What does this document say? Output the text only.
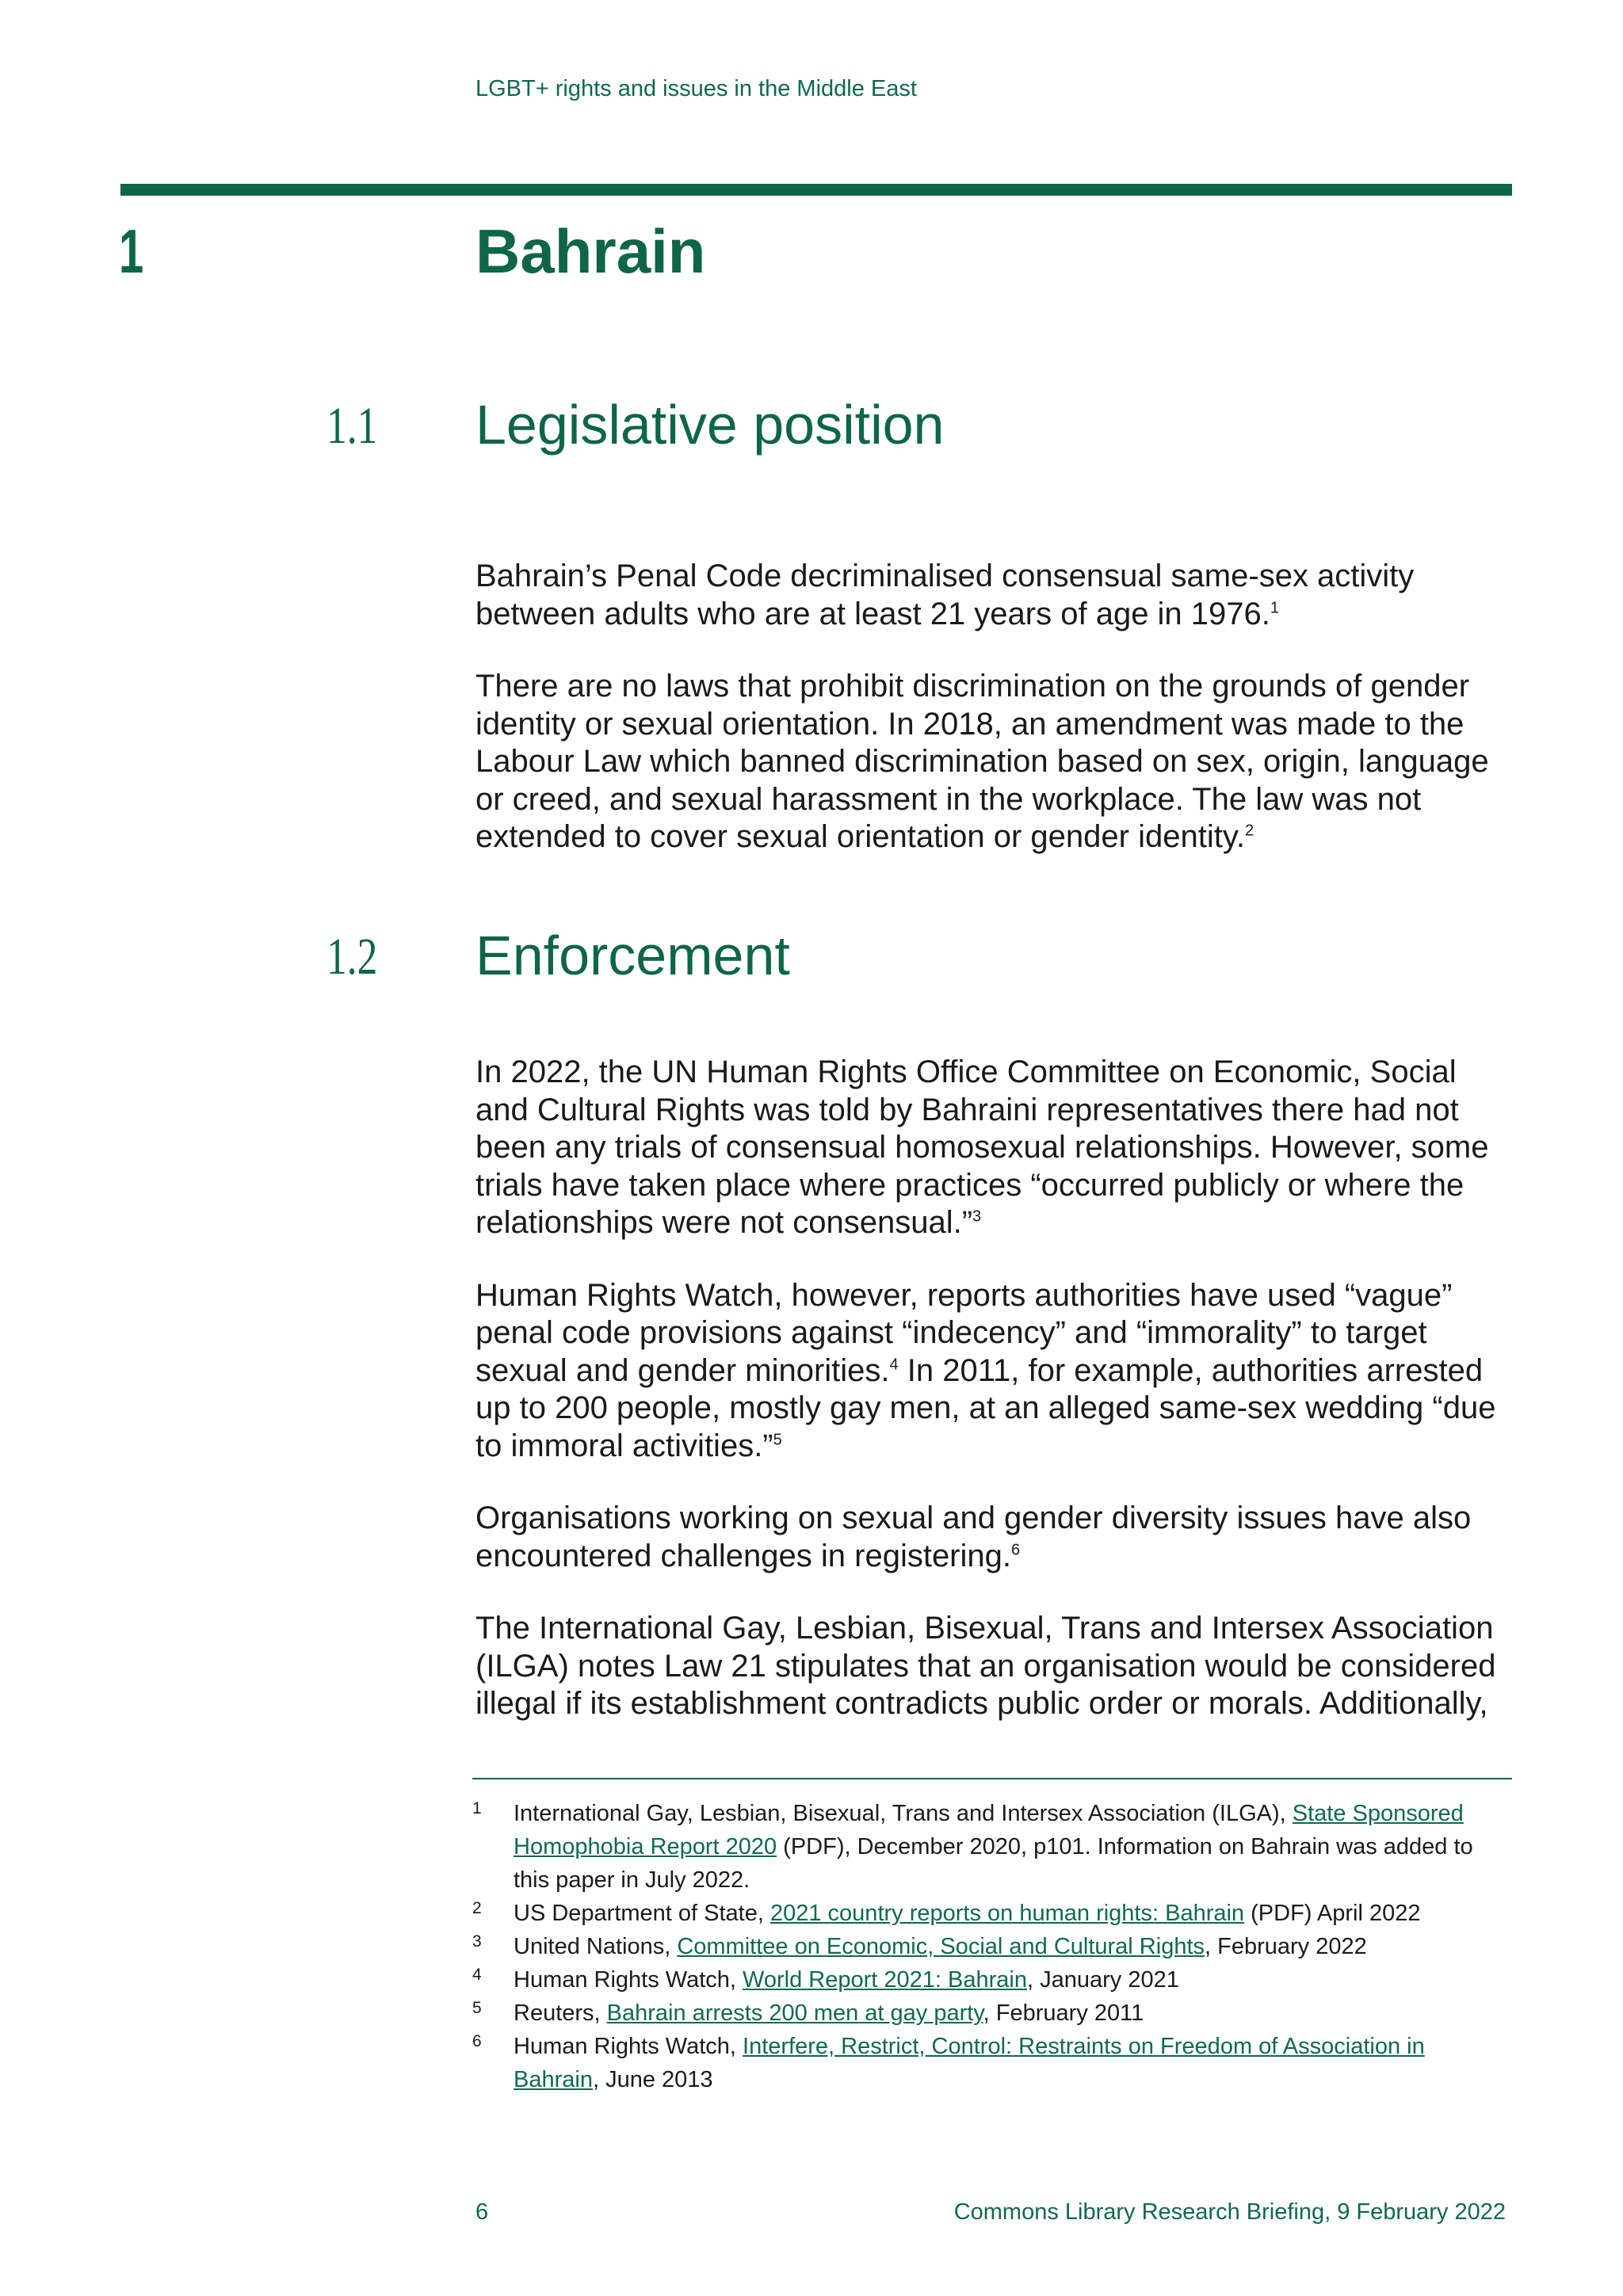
LGBT+ rights and issues in the Middle East
1	Bahrain
1.1 Legislative position

Bahrain’s Penal Code decriminalised consensual same-sex activity between adults who are at least 21 years of age in 1976.$^1$

There are no laws that prohibit discrimination on the grounds of gender identity or sexual orientation. In 2018, an amendment was made to the Labour Law which banned discrimination based on sex, origin, language or creed, and sexual harassment in the workplace. The law was not extended to cover sexual orientation or gender identity.$^2$

1.2 Enforcement

In 2022, the UN Human Rights Office Committee on Economic, Social and Cultural Rights was told by Bahraini representatives there had not been any trials of consensual homosexual relationships. However, some trials have taken place where practices “occurred publicly or where the relationships were not consensual.”$^3$

Human Rights Watch, however, reports authorities have used “vague” penal code provisions against “indecency” and “immorality” to target sexual and gender minorities.$^4$ In 2011, for example, authorities arrested up to 200 people, mostly gay men, at an alleged same-sex wedding “due to immoral activities.”$^5$

Organisations working on sexual and gender diversity issues have also encountered challenges in registering.$^6$

The International Gay, Lesbian, Bisexual, Trans and Intersex Association (ILGA) notes Law 21 stipulates that an organisation would be considered illegal if its establishment contradicts public order or morals. Additionally,

1 International Gay, Lesbian, Bisexual, Trans and Intersex Association (ILGA), State Sponsored Homophobia Report 2020 (PDF), December 2020, p101. Information on Bahrain was added to this paper in July 2022.
2 US Department of State, 2021 country reports on human rights: Bahrain (PDF) April 2022
3 United Nations, Committee on Economic, Social and Cultural Rights, February 2022
4 Human Rights Watch, World Report 2021: Bahrain, January 2021
5 Reuters, Bahrain arrests 200 men at gay party, February 2011
6 Human Rights Watch, Interfere, Restrict, Control: Restraints on Freedom of Association in Bahrain, June 2013
6	Commons Library Research Briefing, 9 February 2022
